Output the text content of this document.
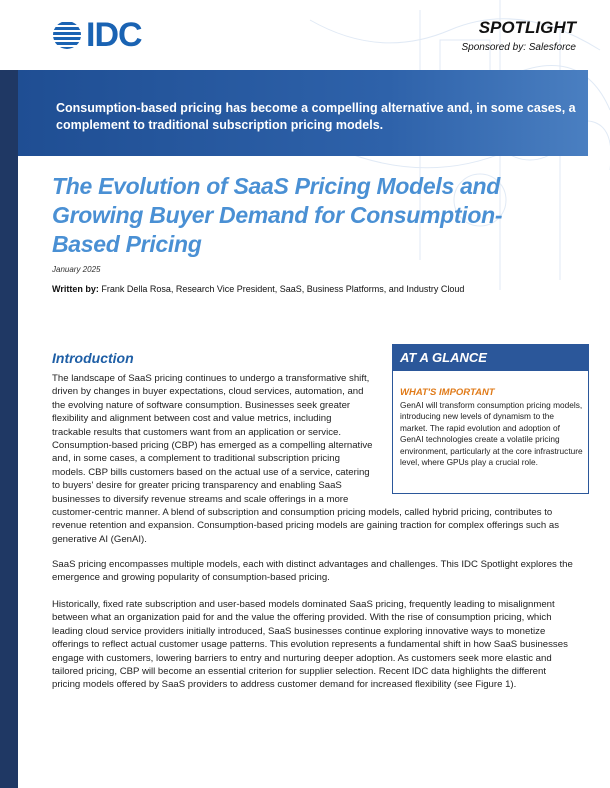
IDC	SPOTLIGHT
Sponsored by: Salesforce
Consumption-based pricing has become a compelling alternative and, in some cases, a complement to traditional subscription pricing models.
The Evolution of SaaS Pricing Models and Growing Buyer Demand for Consumption-Based Pricing
January 2025
Written by: Frank Della Rosa, Research Vice President, SaaS, Business Platforms, and Industry Cloud
Introduction	AT A GLANCE
WHAT'S IMPORTANT
GenAI will transform consumption pricing models, introducing new levels of dynamism to the market. The rapid evolution and adoption of GenAI technologies create a volatile pricing environment, particularly at the core infrastructure level, where GPUs play a crucial role.
The landscape of SaaS pricing continues to undergo a transformative shift,
driven by changes in buyer expectations, cloud services, automation, and
the evolving nature of software consumption. Businesses seek greater
flexibility and alignment between cost and value metrics, including
trackable results that customers want from an application or service.
Consumption-based pricing (CBP) has emerged as a compelling alternative
and, in some cases, a complement to traditional subscription pricing
models. CBP bills customers based on the actual use of a service, catering
to buyers' desire for greater pricing transparency and enabling SaaS
businesses to diversify revenue streams and scale offerings in a more
customer-centric manner. A blend of subscription and consumption pricing models, called hybrid pricing, contributes to
revenue retention and expansion. Consumption-based pricing models are gaining traction for complex offerings such as
generative AI (GenAI).
SaaS pricing encompasses multiple models, each with distinct advantages and challenges. This IDC Spotlight explores the
emergence and growing popularity of consumption-based pricing.
Historically, fixed rate subscription and user-based models dominated SaaS pricing, frequently leading to misalignment
between what an organization paid for and the value the offering provided. With the rise of consumption pricing, which
leading cloud service providers initially introduced, SaaS businesses continue exploring innovative ways to monetize
offerings to reflect actual customer usage patterns. This evolution represents a fundamental shift in how SaaS businesses
engage with customers, lowering barriers to entry and nurturing deeper adoption. As customers seek more elastic and
tailored pricing, CBP will become an essential criterion for supplier selection. Recent IDC data highlights the different
pricing models offered by SaaS providers to address customer demand for increased flexibility (see Figure 1).
